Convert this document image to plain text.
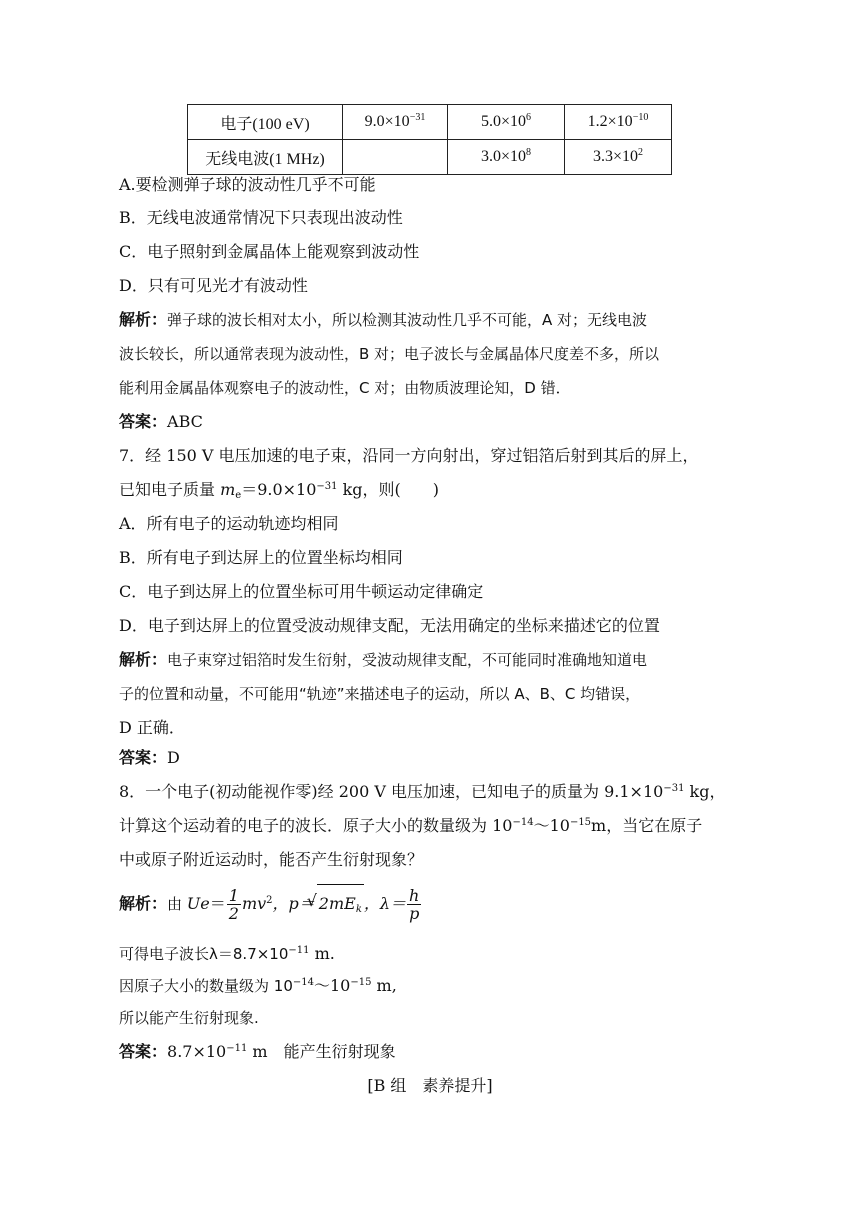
电子(100 eV)	$9.0\times 10^{-31}$	$5.0\times 10^6$	$1.2\times 10^{-10}$
无线电波(1 MHz)		$3.0\times 10^8$	$3.3\times 10^2$
A.要检测弹子球的波动性几乎不可能
B．无线电波通常情况下只表现出波动性
C．电子照射到金属晶体上能观察到波动性
D．只有可见光才有波动性
解析：弹子球的波长相对太小，所以检测其波动性几乎不可能，A 对；无线电波
波长较长，所以通常表现为波动性，B 对；电子波长与金属晶体尺度差不多，所以
能利用金属晶体观察电子的波动性，C 对；由物质波理论知，D 错．
答案：ABC
7．经 150 V 电压加速的电子束，沿同一方向射出，穿过铝箔后射到其后的屏上，
已知电子质量 $m_e=9.0\times 10^{-31}$ kg，则(　　)
A．所有电子的运动轨迹均相同
B．所有电子到达屏上的位置坐标均相同
C．电子到达屏上的位置坐标可用牛顿运动定律确定
D．电子到达屏上的位置受波动规律支配，无法用确定的坐标来描述它的位置
解析：电子束穿过铝箔时发生衍射，受波动规律支配，不可能同时准确地知道电
子的位置和动量，不可能用“轨迹”来描述电子的运动，所以 A、B、C 均错误，
D 正确．
答案：D
8．一个电子(初动能视作零)经 200 V 电压加速，已知电子的质量为 $9.1\times 10^{-31}$ kg，
计算这个运动着的电子的波长．原子大小的数量级为 $10^{-14}\sim 10^{-15}m$，当它在原子
中或原子附近运动时，能否产生衍射现象？
解析：由 $Ue= \frac{1}{2} mv^2$，p＝ √ $2mE_k$ ，$\lambda= \frac{h}{p}$
可得电子波长$\lambda=8.7\times 10^{-11}$ m.
因原子大小的数量级为 $10^{-14}\sim 10^{-15}$ m,
所以能产生衍射现象.
答案：$8.7\times 10^{-11}$ m　能产生衍射现象
[B 组　素养提升]
